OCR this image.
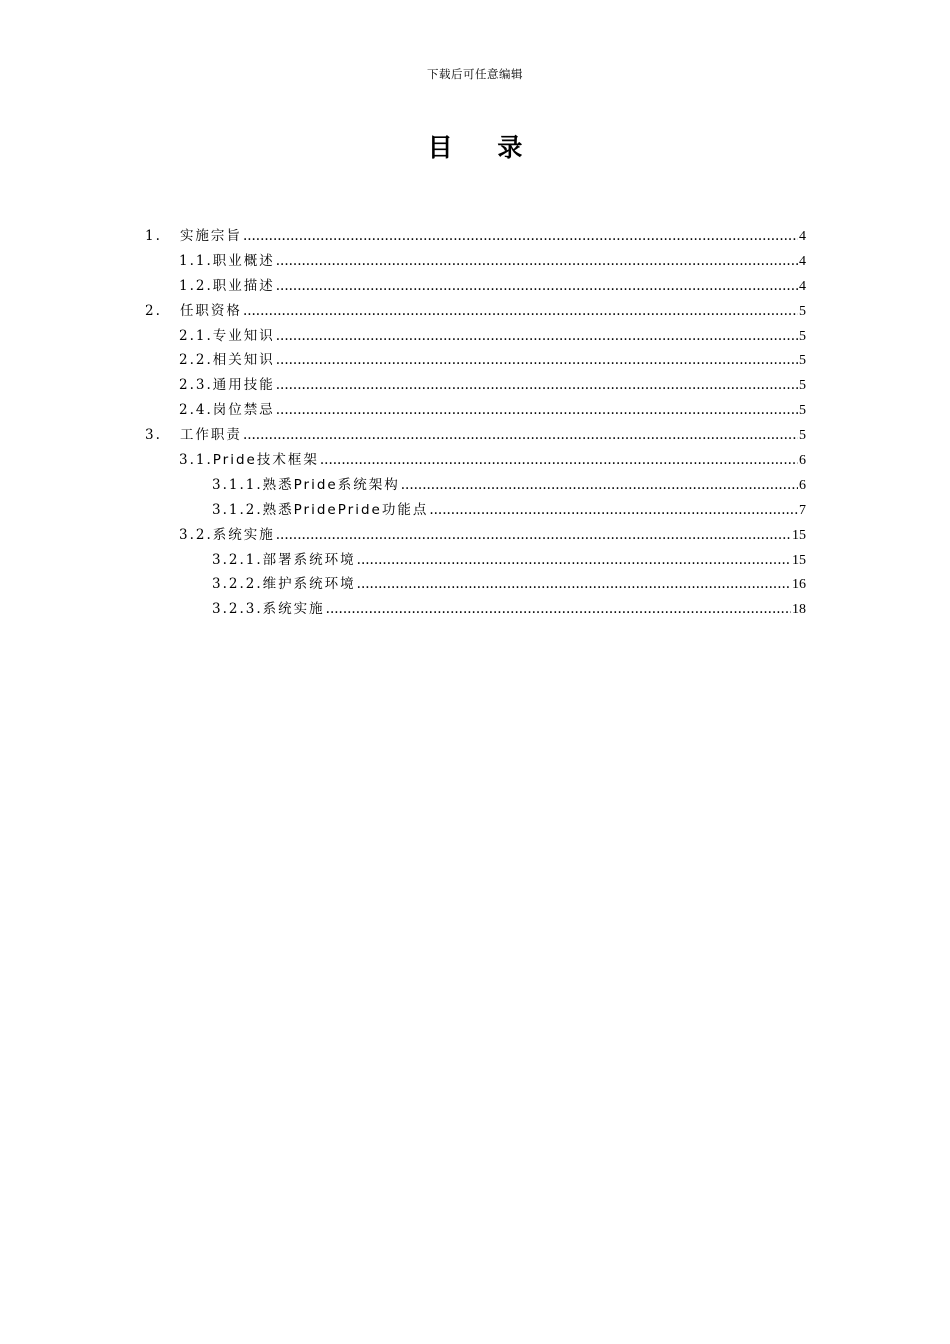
下载后可任意编辑
目 录
1.	实施宗旨 .....	4
1.1. 职业概述 .....	4
1.2. 职业描述 .....	4
2.	任职资格 .....	5
2.1. 专业知识 .....	5
2.2. 相关知识 .....	5
2.3. 通用技能 .....	5
2.4. 岗位禁忌 .....	5
3.	工作职责 .....	5
3.1. Pride技术框架 .....	6
3.1.1. 熟悉Pride系统架构 .....	6
3.1.2. 熟悉PridePride功能点 .....	7
3.2. 系统实施 .....	15
3.2.1. 部署系统环境 .....	15
3.2.2. 维护系统环境 .....	16
3.2.3. 系统实施 .....	18
